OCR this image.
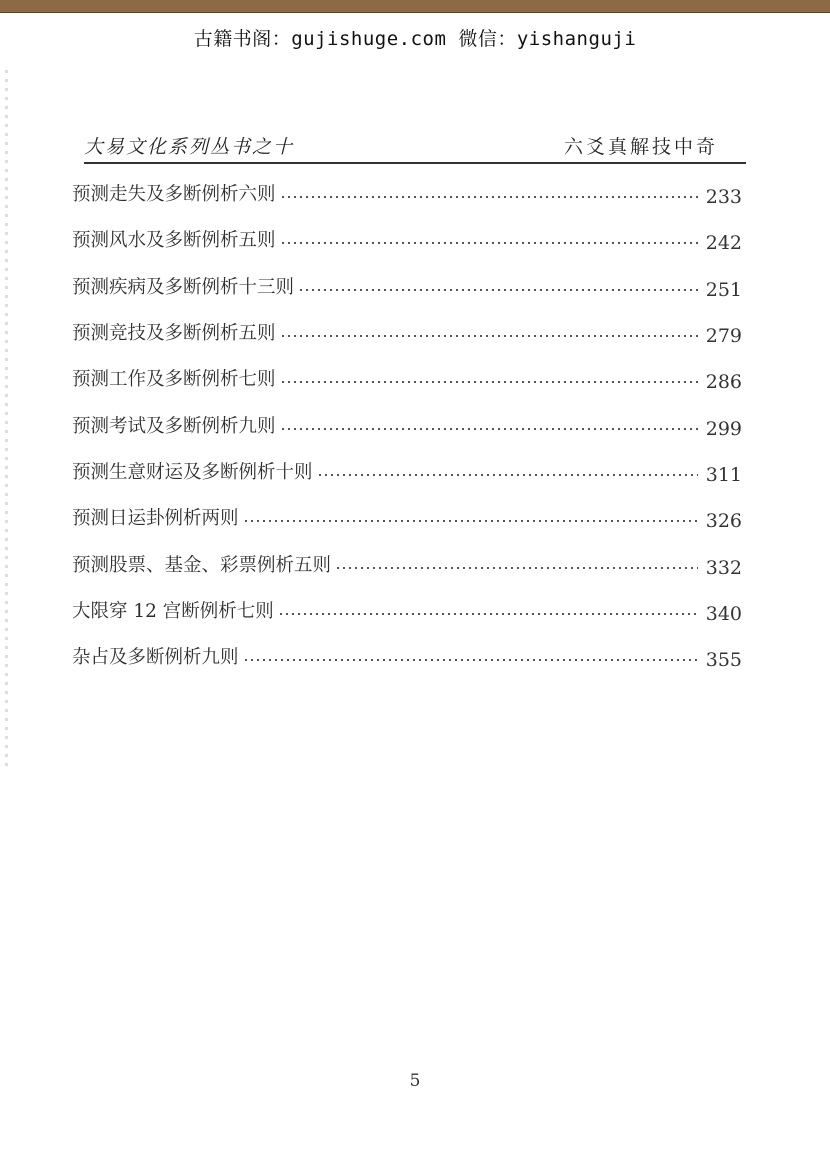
古籍书阁：gujishuge.com 微信：yishanguji
大易文化系列丛书之十	六爻真解技中奇
预测走失及多断例析六则	233
预测风水及多断例析五则	242
预测疾病及多断例析十三则	251
预测竞技及多断例析五则	279
预测工作及多断例析七则	286
预测考试及多断例析九则	299
预测生意财运及多断例析十则	311
预测日运卦例析两则	326
预测股票、基金、彩票例析五则	332
大限穿 12 宫断例析七则	340
杂占及多断例析九则	355
5
